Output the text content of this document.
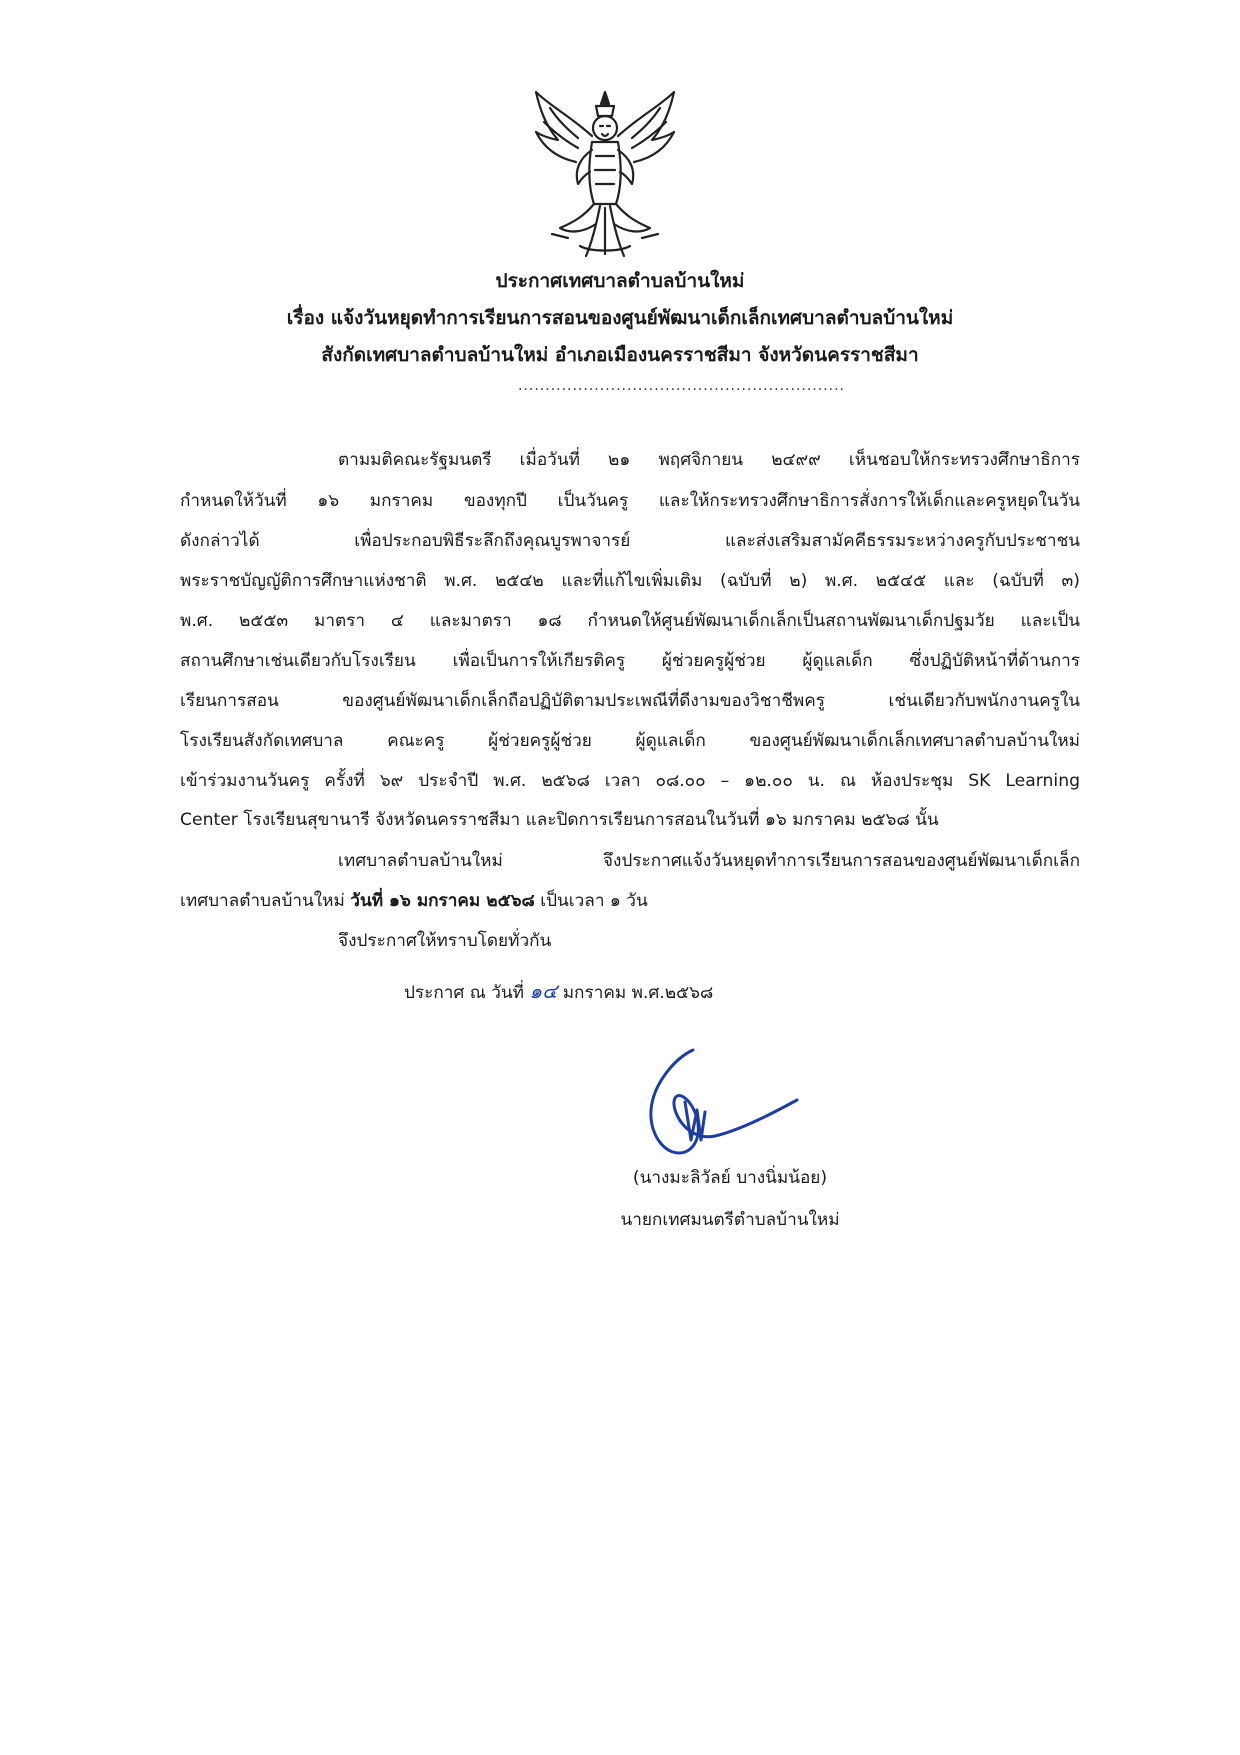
ประกาศเทศบาลตำบลบ้านใหม่
เรื่อง แจ้งวันหยุดทำการเรียนการสอนของศูนย์พัฒนาเด็กเล็กเทศบาลตำบลบ้านใหม่
สังกัดเทศบาลตำบลบ้านใหม่ อำเภอเมืองนครราชสีมา จังหวัดนครราชสีมา
............................................................
ตามมติคณะรัฐมนตรี เมื่อวันที่ ๒๑ พฤศจิกายน ๒๔๙๙ เห็นชอบให้กระทรวงศึกษาธิการ
กำหนดให้วันที่ ๑๖ มกราคม ของทุกปี เป็นวันครู และให้กระทรวงศึกษาธิการสั่งการให้เด็กและครูหยุดในวัน
ดังกล่าวได้ เพื่อประกอบพิธีระลึกถึงคุณบูรพาจารย์ และส่งเสริมสามัคคีธรรมระหว่างครูกับประชาชน
พระราชบัญญัติการศึกษาแห่งชาติ พ.ศ. ๒๕๔๒ และที่แก้ไขเพิ่มเติม (ฉบับที่ ๒) พ.ศ. ๒๕๔๕ และ (ฉบับที่ ๓)
พ.ศ. ๒๕๕๓ มาตรา ๔ และมาตรา ๑๘ กำหนดให้ศูนย์พัฒนาเด็กเล็กเป็นสถานพัฒนาเด็กปฐมวัย และเป็น
สถานศึกษาเช่นเดียวกับโรงเรียน เพื่อเป็นการให้เกียรติครู ผู้ช่วยครูผู้ช่วย ผู้ดูแลเด็ก ซึ่งปฏิบัติหน้าที่ด้านการ
เรียนการสอน ของศูนย์พัฒนาเด็กเล็กถือปฏิบัติตามประเพณีที่ดีงามของวิชาชีพครู เช่นเดียวกับพนักงานครูใน
โรงเรียนสังกัดเทศบาล คณะครู ผู้ช่วยครูผู้ช่วย ผู้ดูแลเด็ก ของศูนย์พัฒนาเด็กเล็กเทศบาลตำบลบ้านใหม่
เข้าร่วมงานวันครู ครั้งที่ ๖๙ ประจำปี พ.ศ. ๒๕๖๘ เวลา ๐๘.๐๐ – ๑๒.๐๐ น. ณ ห้องประชุม SK Learning
Center โรงเรียนสุขานารี จังหวัดนครราชสีมา และปิดการเรียนการสอนในวันที่ ๑๖ มกราคม ๒๕๖๘ นั้น
เทศบาลตำบลบ้านใหม่ จึงประกาศแจ้งวันหยุดทำการเรียนการสอนของศูนย์พัฒนาเด็กเล็ก
เทศบาลตำบลบ้านใหม่ วันที่ ๑๖ มกราคม ๒๕๖๘ เป็นเวลา ๑ วัน
จึงประกาศให้ทราบโดยทั่วกัน
ประกาศ ณ วันที่ ๑๔ มกราคม พ.ศ.๒๕๖๘
(นางมะลิวัลย์ บางนิ่มน้อย)
นายกเทศมนตรีตำบลบ้านใหม่
